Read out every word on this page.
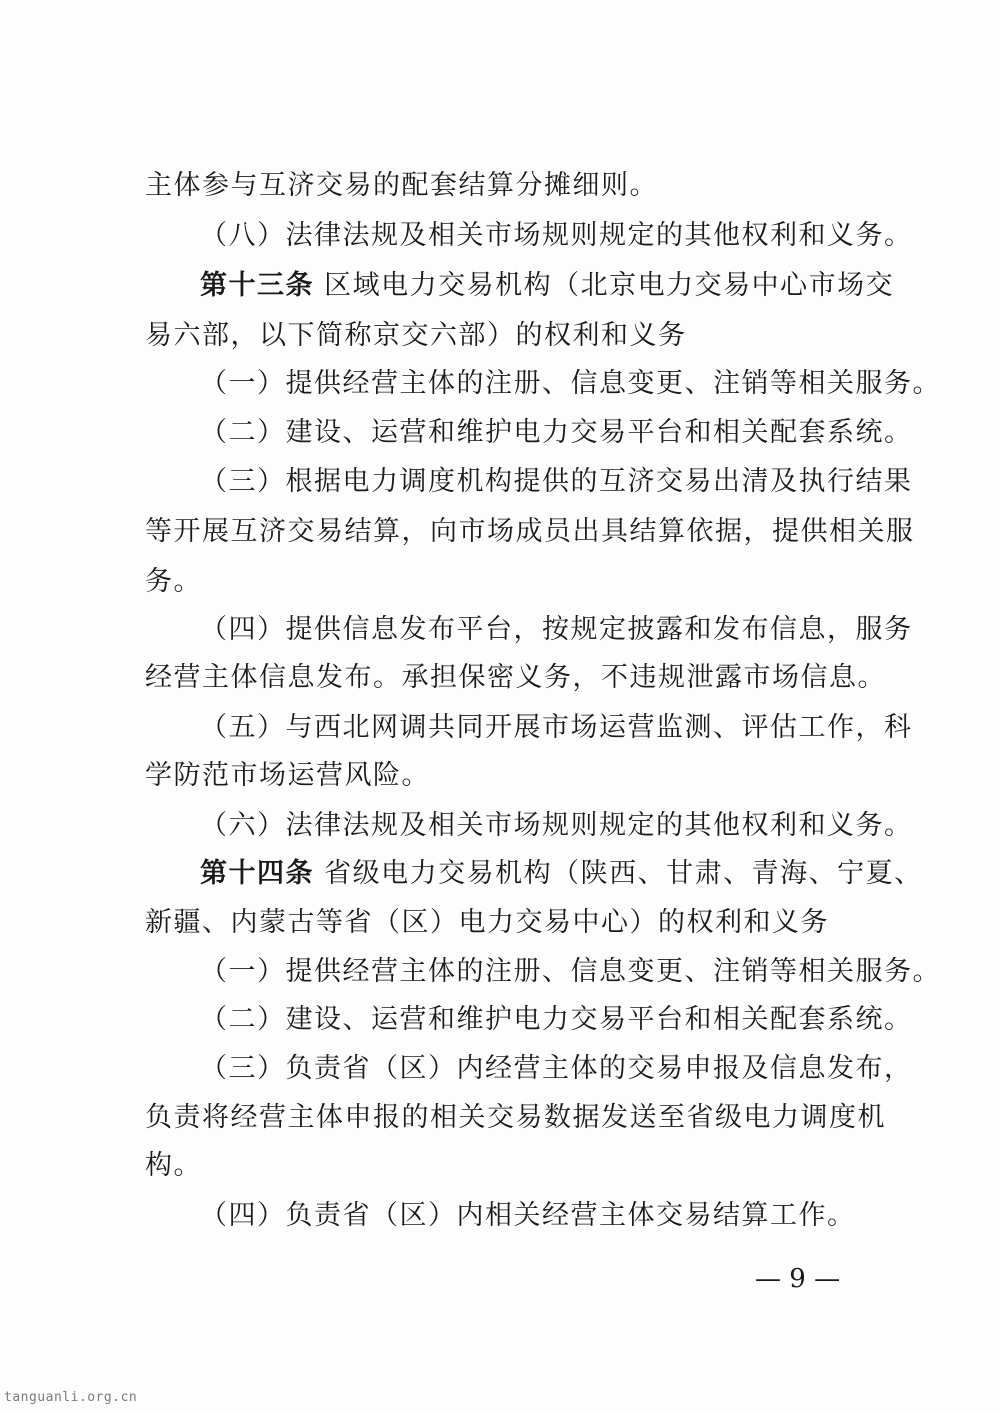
主体参与互济交易的配套结算分摊细则。
（八）法律法规及相关市场规则规定的其他权利和义务。
第十三条 区域电力交易机构（北京电力交易中心市场交
易六部，以下简称京交六部）的权利和义务
（一）提供经营主体的注册、信息变更、注销等相关服务。
（二）建设、运营和维护电力交易平台和相关配套系统。
（三）根据电力调度机构提供的互济交易出清及执行结果
等开展互济交易结算，向市场成员出具结算依据，提供相关服
务。
（四）提供信息发布平台，按规定披露和发布信息，服务
经营主体信息发布。承担保密义务，不违规泄露市场信息。
（五）与西北网调共同开展市场运营监测、评估工作，科
学防范市场运营风险。
（六）法律法规及相关市场规则规定的其他权利和义务。
第十四条 省级电力交易机构（陕西、甘肃、青海、宁夏、
新疆、内蒙古等省（区）电力交易中心）的权利和义务
（一）提供经营主体的注册、信息变更、注销等相关服务。
（二）建设、运营和维护电力交易平台和相关配套系统。
（三）负责省（区）内经营主体的交易申报及信息发布，
负责将经营主体申报的相关交易数据发送至省级电力调度机
构。
（四）负责省（区）内相关经营主体交易结算工作。
— 9 —
tanguanli.org.cn
